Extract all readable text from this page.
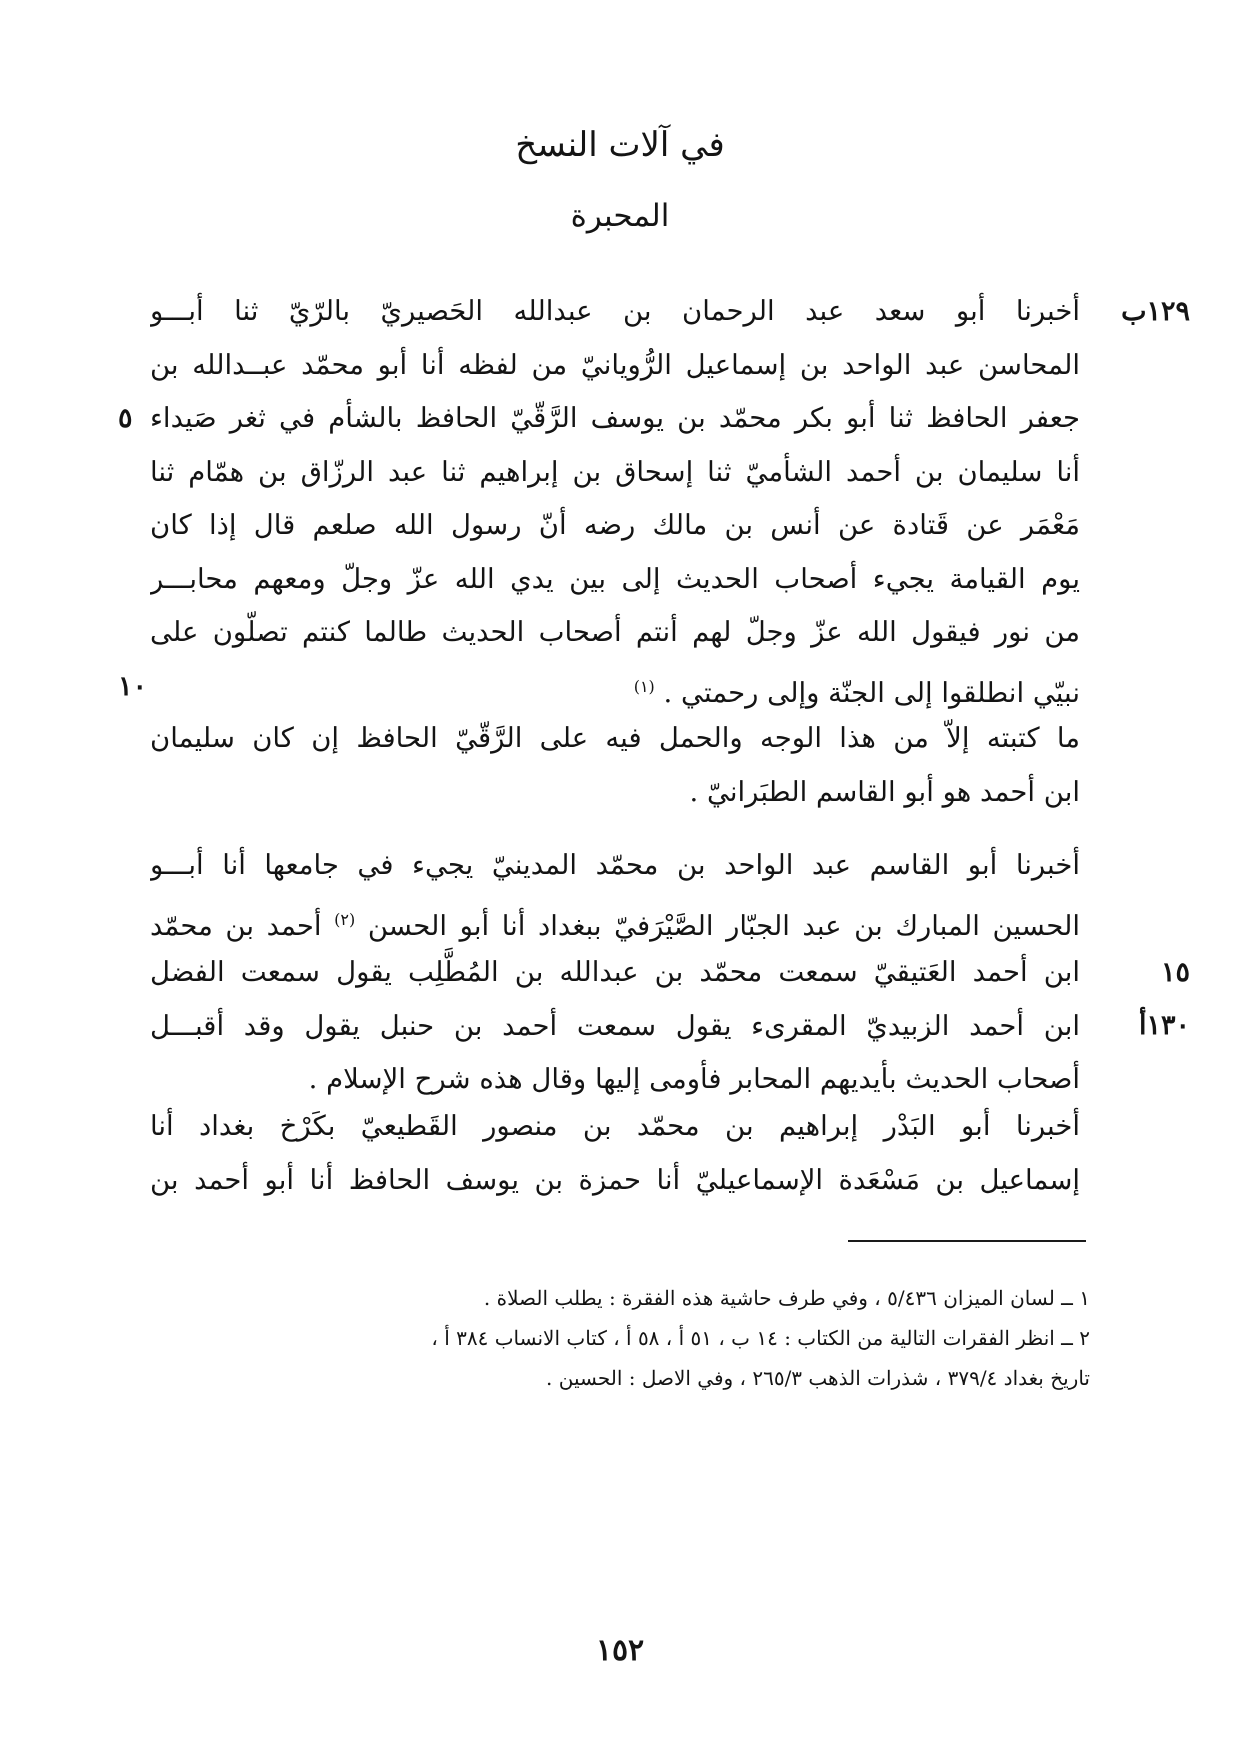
في آلات النسخ
المحبرة
أخبرنا أبو سعد عبد الرحمان بن عبدالله الحَصيريّ بالرّيّ ثنا أبـــو
المحاسن عبد الواحد بن إسماعيل الرُّويانيّ من لفظه أنا أبو محمّد عبــدالله بن
جعفر الحافظ ثنا أبو بكر محمّد بن يوسف الرَّقّيّ الحافظ بالشأم في ثغر صَيداء
أنا سليمان بن أحمد الشأميّ ثنا إسحاق بن إبراهيم ثنا عبد الرزّاق بن همّام ثنا
مَعْمَر عن قَتادة عن أنس بن مالك رضه أنّ رسول الله صلعم قال إذا كان
يوم القيامة يجيء أصحاب الحديث إلى بين يدي الله عزّ وجلّ ومعهم محابـــر
من نور فيقول الله عزّ وجلّ لهم أنتم أصحاب الحديث طالما كنتم تصلّون على
نبيّي انطلقوا إلى الجنّة وإلى رحمتي . $^{(١)}$
١٢٩ب
٥
١٠
ما كتبته إلاّ من هذا الوجه والحمل فيه على الرَّقّيّ الحافظ إن كان سليمان
ابن أحمد هو أبو القاسم الطبَرانيّ .
أخبرنا أبو القاسم عبد الواحد بن محمّد المدينيّ يجيء في جامعها أنا أبـــو
الحسين المبارك بن عبد الجبّار الصَّيْرَفيّ ببغداد أنا أبو الحسن $^{(٢)}$ أحمد بن محمّد
ابن أحمد العَتيقيّ سمعت محمّد بن عبدالله بن المُطَّلِب يقول سمعت الفضل
ابن أحمد الزبيديّ المقرىء يقول سمعت أحمد بن حنبل يقول وقد أقبـــل
أصحاب الحديث بأيديهم المحابر فأومى إليها وقال هذه شرح الإسلام .
١٥
١٣٠أ
أخبرنا أبو البَدْر إبراهيم بن محمّد بن منصور القَطيعيّ بكَرْخ بغداد أنا
إسماعيل بن مَسْعَدة الإسماعيليّ أنا حمزة بن يوسف الحافظ أنا أبو أحمد بن
١ ــ لسان الميزان ٥/٤٣٦ ، وفي طرف حاشية هذه الفقرة : يطلب الصلاة .
٢ ــ انظر الفقرات التالية من الكتاب : ١٤ ب ، ٥١ أ ، ٥٨ أ ، كتاب الانساب ٣٨٤ أ ،
تاريخ بغداد ٣٧٩/٤ ، شذرات الذهب ٢٦٥/٣ ، وفي الاصل : الحسين .
١٥٢
